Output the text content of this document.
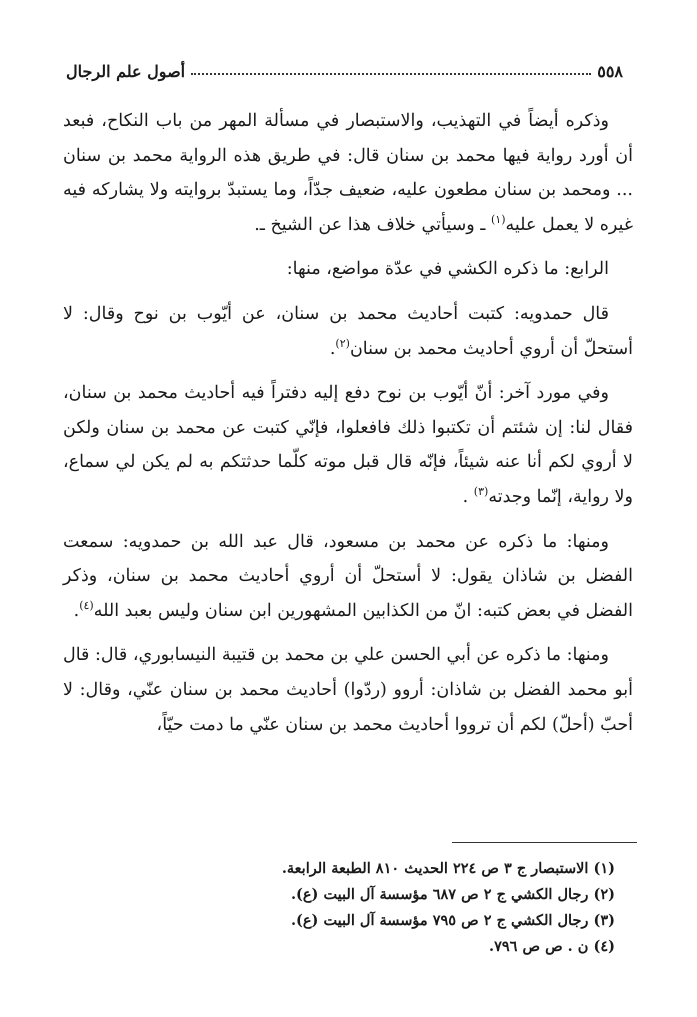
٥٥٨
أصول علم الرجال

وذكره أيضاً في التهذيب، والاستبصار في مسألة المهر من باب النكاح، فبعد أن أورد رواية فيها محمد بن سنان قال: في طريق هذه الرواية محمد بن سنان ... ومحمد بن سنان مطعون عليه، ضعيف جدّاً، وما يستبدّ بروايته ولا يشاركه فيه غيره لا يعمل عليه$^{(١)}$ ـ وسيأتي خلاف هذا عن الشيخ ـ.

الرابع: ما ذكره الكشي في عدّة مواضع، منها:

قال حمدويه: كتبت أحاديث محمد بن سنان، عن أيّوب بن نوح وقال: لا أستحلّ أن أروي أحاديث محمد بن سنان$^{(٢)}$.

وفي مورد آخر: أنّ أيّوب بن نوح دفع إليه دفتراً فيه أحاديث محمد بن سنان، فقال لنا: إن شئتم أن تكتبوا ذلك فافعلوا، فإنّي كتبت عن محمد بن سنان ولكن لا أروي لكم أنا عنه شيئاً، فإنّه قال قبل موته كلّما حدثتكم به لم يكن لي سماع، ولا رواية، إنّما وجدته$^{(٣)}$ .

ومنها: ما ذكره عن محمد بن مسعود، قال عبد الله بن حمدويه: سمعت الفضل بن شاذان يقول: لا أستحلّ أن أروي أحاديث محمد بن سنان، وذكر الفضل في بعض كتبه: انّ من الكذابين المشهورين ابن سنان وليس بعبد الله$^{(٤)}$.

ومنها: ما ذكره عن أبي الحسن علي بن محمد بن قتيبة النيسابوري، قال: قال أبو محمد الفضل بن شاذان: أروو (ردّوا) أحاديث محمد بن سنان عنّي، وقال: لا أحبّ (أحلّ) لكم أن ترووا أحاديث محمد بن سنان عنّي ما دمت حيّاً،

(١) الاستبصار ج ٣ ص ٢٢٤ الحديث ٨١٠ الطبعة الرابعة.
(٢) رجال الكشي ج ٢ ص ٦٨٧ مؤسسة آل البيت (ع).
(٣) رجال الكشي ج ٢ ص ٧٩٥ مؤسسة آل البيت (ع).
(٤) ن . ص ص ٧٩٦.
